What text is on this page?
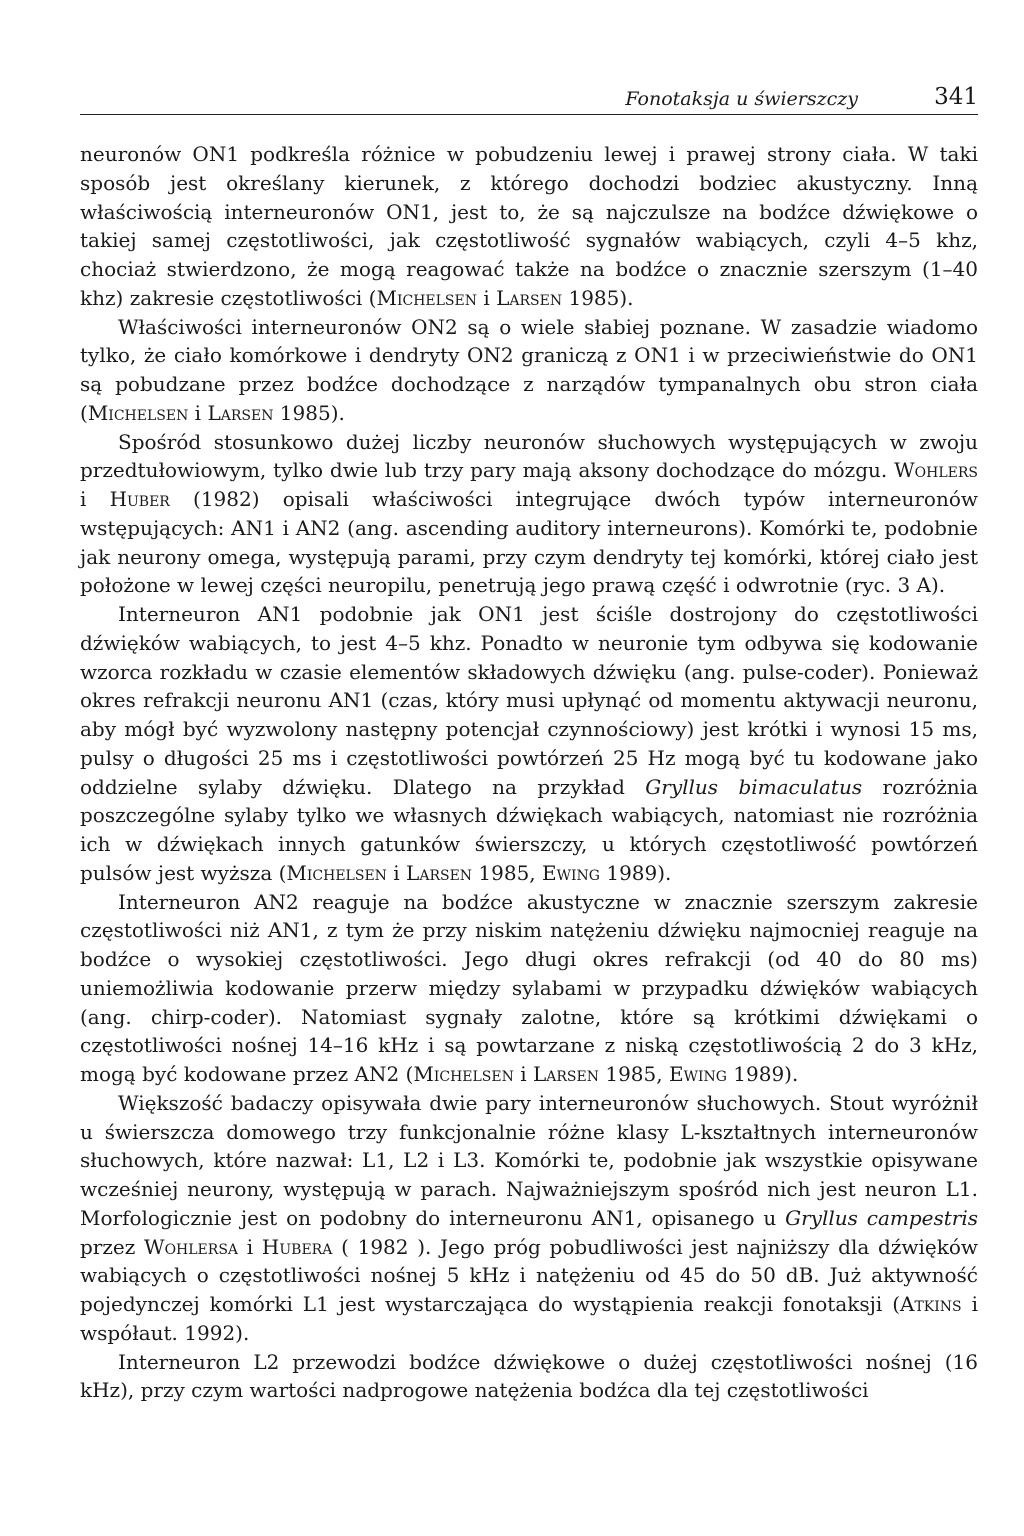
Fonotaksja u świerszczy	341

neuronów ON1 podkreśla różnice w pobudzeniu lewej i prawej strony ciała. W taki sposób jest określany kierunek, z którego dochodzi bodziec akustyczny. Inną właściwością interneuronów ON1, jest to, że są najczulsze na bodźce dźwiękowe o takiej samej częstotliwości, jak częstotliwość sygnałów wabiących, czyli 4–5 khz, chociaż stwierdzono, że mogą reagować także na bodźce o znacznie szerszym (1–40 khz) zakresie częstotliwości (Michelsen i Larsen 1985).

Właściwości interneuronów ON2 są o wiele słabiej poznane. W zasadzie wiadomo tylko, że ciało komórkowe i dendryty ON2 graniczą z ON1 i w przeciwieństwie do ON1 są pobudzane przez bodźce dochodzące z narządów tympanalnych obu stron ciała (Michelsen i Larsen 1985).

Spośród stosunkowo dużej liczby neuronów słuchowych występujących w zwoju przedtułowiowym, tylko dwie lub trzy pary mają aksony dochodzące do mózgu. Wohlers i Huber (1982) opisali właściwości integrujące dwóch typów interneuronów wstępujących: AN1 i AN2 (ang. ascending auditory interneurons). Komórki te, podobnie jak neurony omega, występują parami, przy czym dendryty tej komórki, której ciało jest położone w lewej części neuropilu, penetrują jego prawą część i odwrotnie (ryc. 3 A).

Interneuron AN1 podobnie jak ON1 jest ściśle dostrojony do częstotliwości dźwięków wabiących, to jest 4–5 khz. Ponadto w neuronie tym odbywa się kodowanie wzorca rozkładu w czasie elementów składowych dźwięku (ang. pulse-coder). Ponieważ okres refrakcji neuronu AN1 (czas, który musi upłynąć od momentu aktywacji neuronu, aby mógł być wyzwolony następny potencjał czynnościowy) jest krótki i wynosi 15 ms, pulsy o długości 25 ms i częstotliwości powtórzeń 25 Hz mogą być tu kodowane jako oddzielne sylaby dźwięku. Dlatego na przykład Gryllus bimaculatus rozróżnia poszczególne sylaby tylko we własnych dźwiękach wabiących, natomiast nie rozróżnia ich w dźwiękach innych gatunków świerszczy, u których częstotliwość powtórzeń pulsów jest wyższa (Michelsen i Larsen 1985, Ewing 1989).

Interneuron AN2 reaguje na bodźce akustyczne w znacznie szerszym zakresie częstotliwości niż AN1, z tym że przy niskim natężeniu dźwięku najmocniej reaguje na bodźce o wysokiej częstotliwości. Jego długi okres refrakcji (od 40 do 80 ms) uniemożliwia kodowanie przerw między sylabami w przypadku dźwięków wabiących (ang. chirp-coder). Natomiast sygnały zalotne, które są krótkimi dźwiękami o częstotliwości nośnej 14–16 kHz i są powtarzane z niską częstotliwością 2 do 3 kHz, mogą być kodowane przez AN2 (Michelsen i Larsen 1985, Ewing 1989).

Większość badaczy opisywała dwie pary interneuronów słuchowych. Stout wyróżnił u świerszcza domowego trzy funkcjonalnie różne klasy L-kształtnych interneuronów słuchowych, które nazwał: L1, L2 i L3. Komórki te, podobnie jak wszystkie opisywane wcześniej neurony, występują w parach. Najważniejszym spośród nich jest neuron L1. Morfologicznie jest on podobny do interneuronu AN1, opisanego u Gryllus campestris przez Wohlersa i Hubera ( 1982 ). Jego próg pobudliwości jest najniższy dla dźwięków wabiących o częstotliwości nośnej 5 kHz i natężeniu od 45 do 50 dB. Już aktywność pojedynczej komórki L1 jest wystarczająca do wystąpienia reakcji fonotaksji (Atkins i współaut. 1992).

Interneuron L2 przewodzi bodźce dźwiękowe o dużej częstotliwości nośnej (16 kHz), przy czym wartości nadprogowe natężenia bodźca dla tej częstotliwości
